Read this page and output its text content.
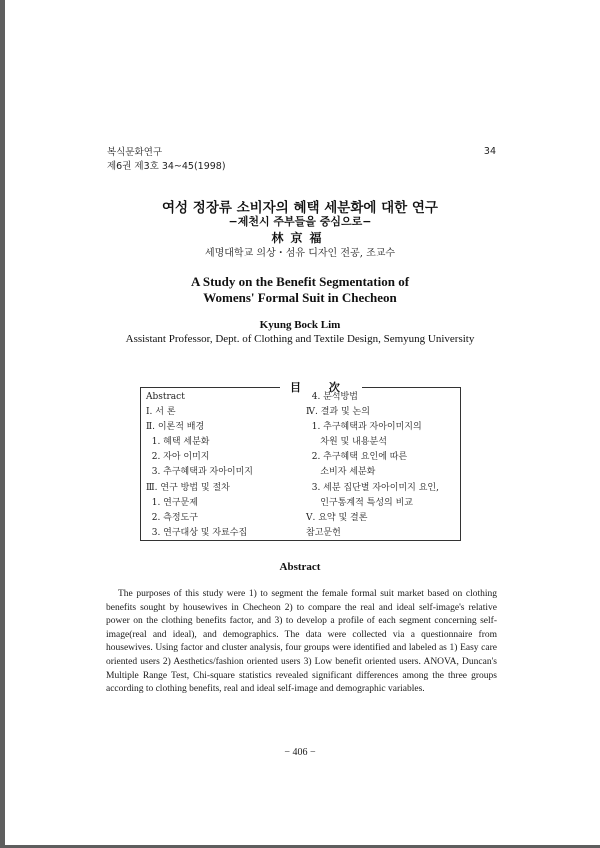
복식문화연구
제6권 제3호 34~45(1998)
34
여성 정장류 소비자의 혜택 세분화에 대한 연구
−제천시 주부들을 중심으로−
林京福
세명대학교 의상・섬유 디자인 전공, 조교수
A Study on the Benefit Segmentation of
Womens' Formal Suit in Checheon
Kyung Bock Lim
Assistant Professor, Dept. of Clothing and Textile Design, Semyung University
目 次
Abstract
Ⅰ. 서 론
Ⅱ. 이론적 배경
1. 혜택 세분화
2. 자아 이미지
3. 추구혜택과 자아이미지
Ⅲ. 연구 방법 및 절차
1. 연구문제
2. 측정도구
3. 연구대상 및 자료수집
4. 분석방법
Ⅳ. 결과 및 논의
1. 추구혜택과 자아이미지의
차원 및 내용분석
2. 추구혜택 요인에 따른
소비자 세분화
3. 세분 집단별 자아이미지 요인,
인구통계적 특성의 비교
Ⅴ. 요약 및 결론
참고문헌
Abstract

The purposes of this study were 1) to segment the female formal suit market based on clothing benefits sought by housewives in Checheon 2) to compare the real and ideal self-image's relative power on the clothing benefits factor, and 3) to develop a profile of each segment concerning self-image(real and ideal), and demographics. The data were collected via a questionnaire from housewives. Using factor and cluster analysis, four groups were identified and labeled as 1) Easy care oriented users 2) Aesthetics/fashion oriented users 3) Low benefit oriented users. ANOVA, Duncan's Multiple Range Test, Chi-square statistics revealed significant differences among the three groups according to clothing benefits, real and ideal self-image and demographic variables.

− 406 −
